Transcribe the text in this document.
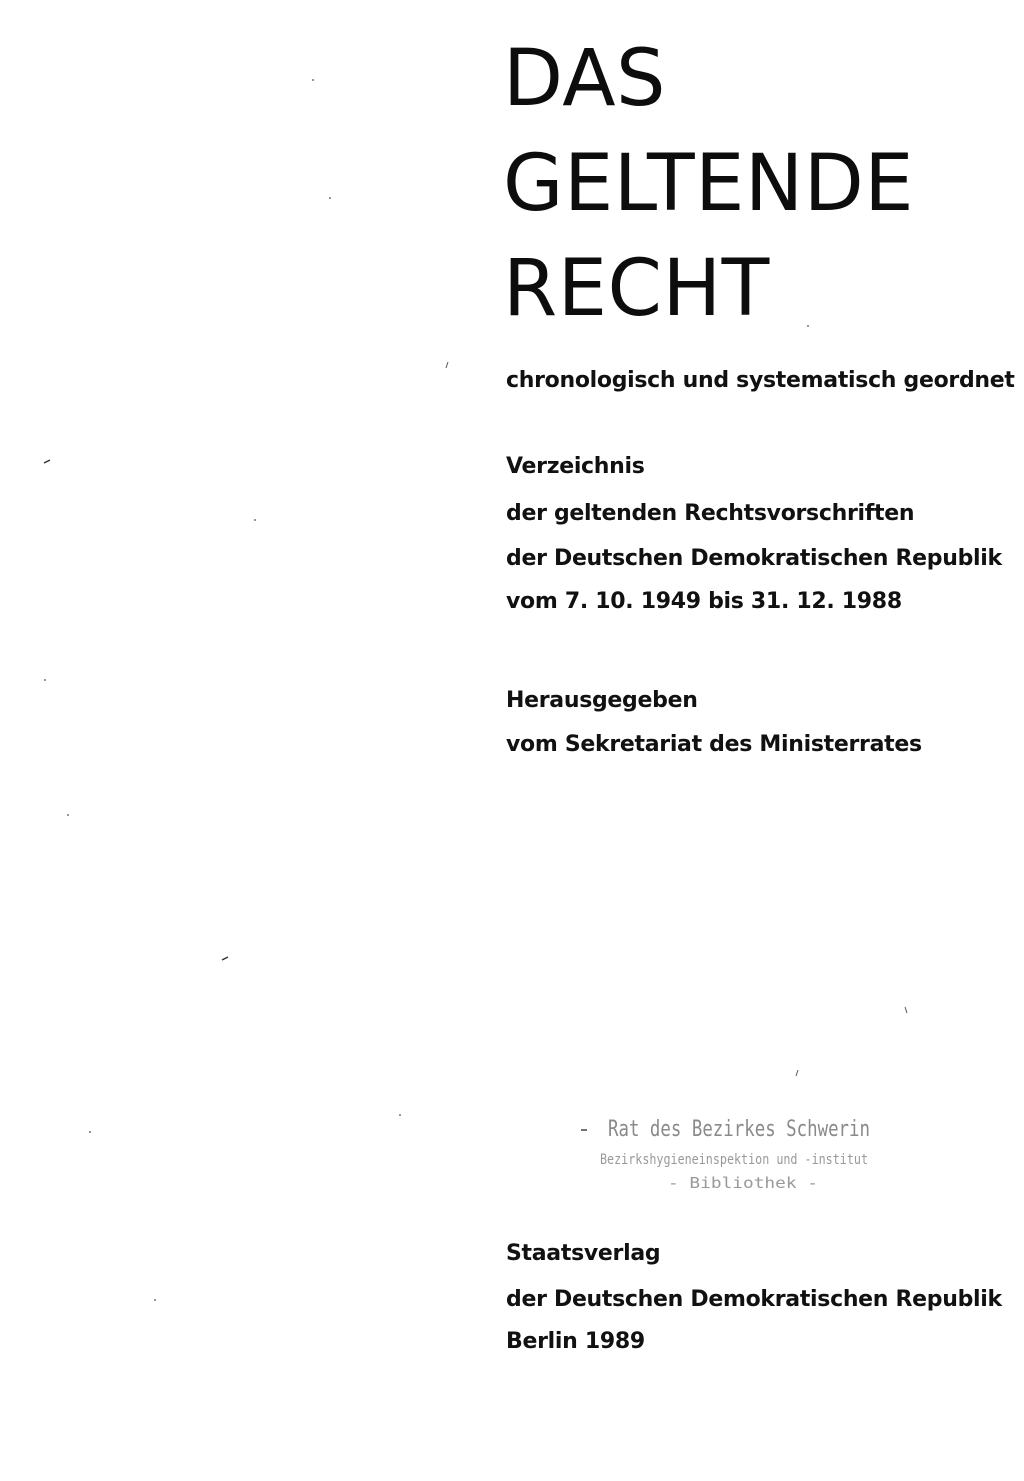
DAS
GELTENDE
RECHT

chronologisch und systematisch geordnet

Verzeichnis

der geltenden Rechtsvorschriften

der Deutschen Demokratischen Republik

vom 7. 10. 1949 bis 31. 12. 1988

Herausgegeben

vom Sekretariat des Ministerrates

Rat des Bezirkes Schwerin
Bezirkshygieneinspektion und -institut
- Bibliothek -

Staatsverlag

der Deutschen Demokratischen Republik

Berlin 1989
